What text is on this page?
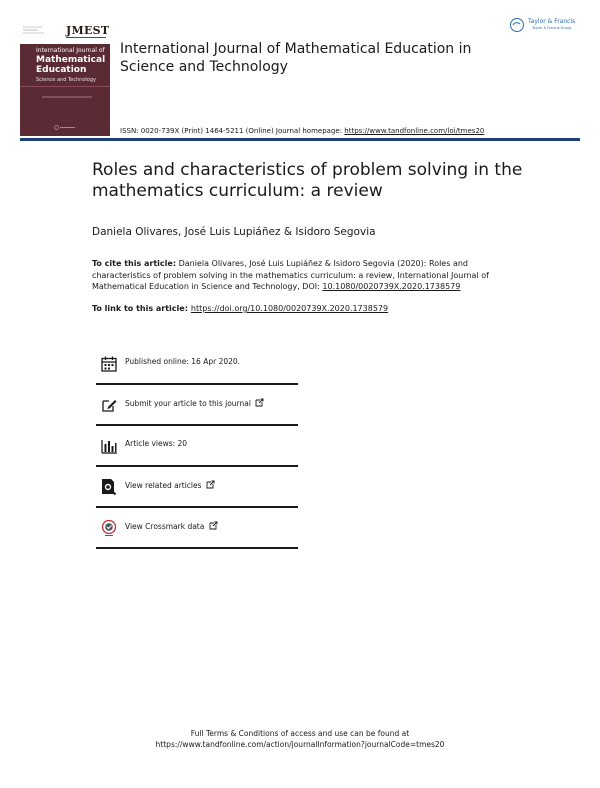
JMEST
International Journal of
Mathematical
Education
Science and Technology
International Journal of Mathematical Education in Science and Technology
Taylor & Francis
Taylor & Francis Group
ISSN: 0020-739X (Print) 1464-5211 (Online) Journal homepage: https://www.tandfonline.com/loi/tmes20
Roles and characteristics of problem solving in the mathematics curriculum: a review
Daniela Olivares, José Luis Lupiáñez & Isidoro Segovia
To cite this article: Daniela Olivares, José Luis Lupiáñez & Isidoro Segovia (2020): Roles and characteristics of problem solving in the mathematics curriculum: a review, International Journal of Mathematical Education in Science and Technology, DOI: 10.1080/0020739X.2020.1738579
To link to this article: https://doi.org/10.1080/0020739X.2020.1738579
Published online: 16 Apr 2020.
Submit your article to this journal
Article views: 20
View related articles
View Crossmark data
Full Terms & Conditions of access and use can be found at
https://www.tandfonline.com/action/journalInformation?journalCode=tmes20
